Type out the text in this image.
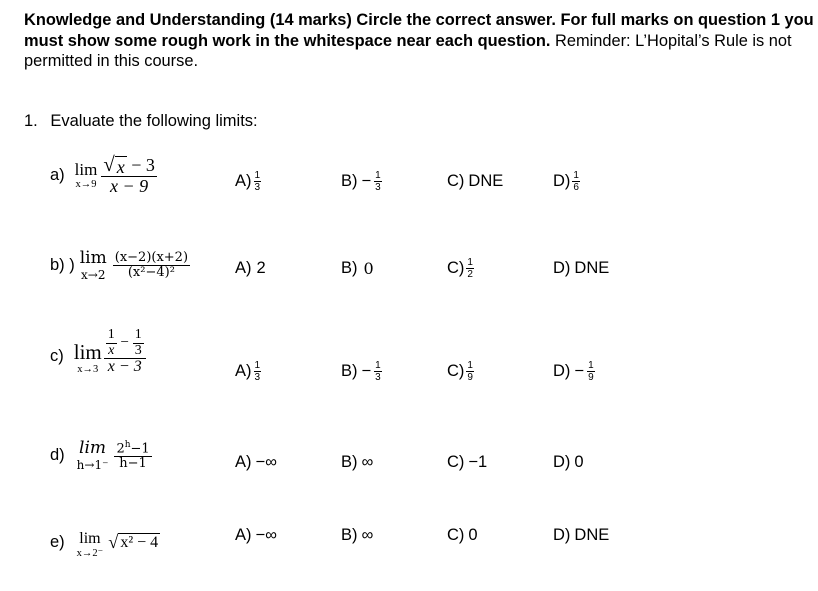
Knowledge and Understanding (14 marks) Circle the correct answer. For full marks on question 1 you must show some rough work in the whitespace near each question. Reminder: L’Hopital’s Rule is not permitted in this course.
1. Evaluate the following limits:
a) lim
$x\to 9 \frac{√ x - 3}{x - 9}$	$A) \frac{1}{3}$	$B) - \frac{1}{3}$	C) DNE	$D) \frac{1}{6}$
b) ) lim
$x\to 2 \frac{(x-2)(x+2)}{\text{(x²−4)²}}$	A) 2	B) 0	$C) \frac{1}{2}$	D) DNE
c) lim
$x\to 3 \frac{\frac{1}{x} - \frac{1}{3}}{x - 3}$	$A) \frac{1}{3}$	$B) - \frac{1}{3}$	$C) \frac{1}{9}$	$D) - \frac{1}{9}$
d) lim
$h\to 1^- \frac{2^h-1}{h-1}$	A) −∞	B) ∞	C) −1	D) 0
e) lim
x→2⁻
√ x² − 4	A) −∞	B) ∞	C) 0	D) DNE
